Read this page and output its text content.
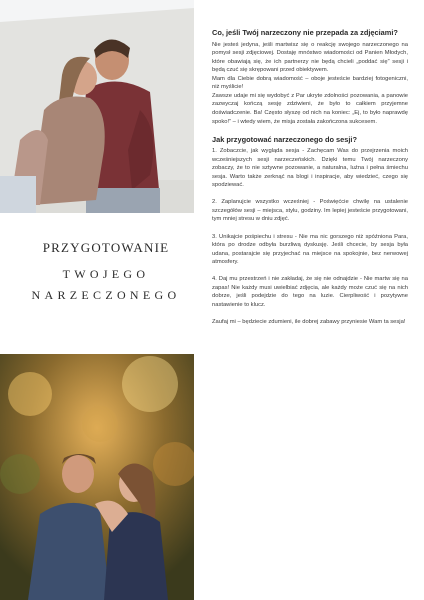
PRZYGOTOWANIE
TWOJEGO
NARZECZONEGO

Co, jeśli Twój narzeczony nie przepada za zdjęciami?

Nie jesteś jedyna, jeśli martwisz się o reakcję swojego narzeczonego na pomysł sesji zdjęciowej. Dostaję mnóstwo wiadomości od Panien Młodych, które obawiają się, że ich partnerzy nie będą chcieli „poddać się” sesji i będą czuć się skrępowani przed obiektywem.

Mam dla Ciebie dobrą wiadomość – oboje jesteście bardziej fotogeniczni, niż myślicie!

Zawsze udaje mi się wydobyć z Par ukryte zdolności pozowania, a panowie zazwyczaj kończą sesję zdziwieni, że było to całkiem przyjemne doświadczenie. Ba! Często słyszę od nich na koniec: „Ej, to było naprawdę spoko!” – i wtedy wiem, że misja została zakończona sukcesem.

Jak przygotować narzeczonego do sesji?

1. Zobaczcie, jak wygląda sesja - Zachęcam Was do przejrzenia moich wcześniejszych sesji narzeczeńskich. Dzięki temu Twój narzeczony zobaczy, że to nie sztywne pozowanie, a naturalna, luźna i pełna śmiechu sesja. Warto także zerknąć na blogi i inspiracje, aby wiedzieć, czego się spodziewać.

2. Zaplanujcie wszystko wcześniej - Poświęćcie chwilę na ustalenie szczegółów sesji – miejsca, stylu, godziny. Im lepiej jesteście przygotowani, tym mniej stresu w dniu zdjęć.

3. Unikajcie pośpiechu i stresu - Nie ma nic gorszego niż spóźniona Para, która po drodze odbyła burzliwą dyskusję. Jeśli chcecie, by sesja była udana, postarajcie się przyjechać na miejsce na spokojnie, bez nerwowej atmosfery.

4. Daj mu przestrzeń i nie zakładaj, że się nie odnajdzie - Nie martw się na zapas! Nie każdy musi uwielbiać zdjęcia, ale każdy może czuć się na nich dobrze, jeśli podejdzie do tego na luzie. Cierpliwość i pozytywne nastawienie to klucz.

Zaufaj mi – będziecie zdumieni, ile dobrej zabawy przyniesie Wam ta sesja!
